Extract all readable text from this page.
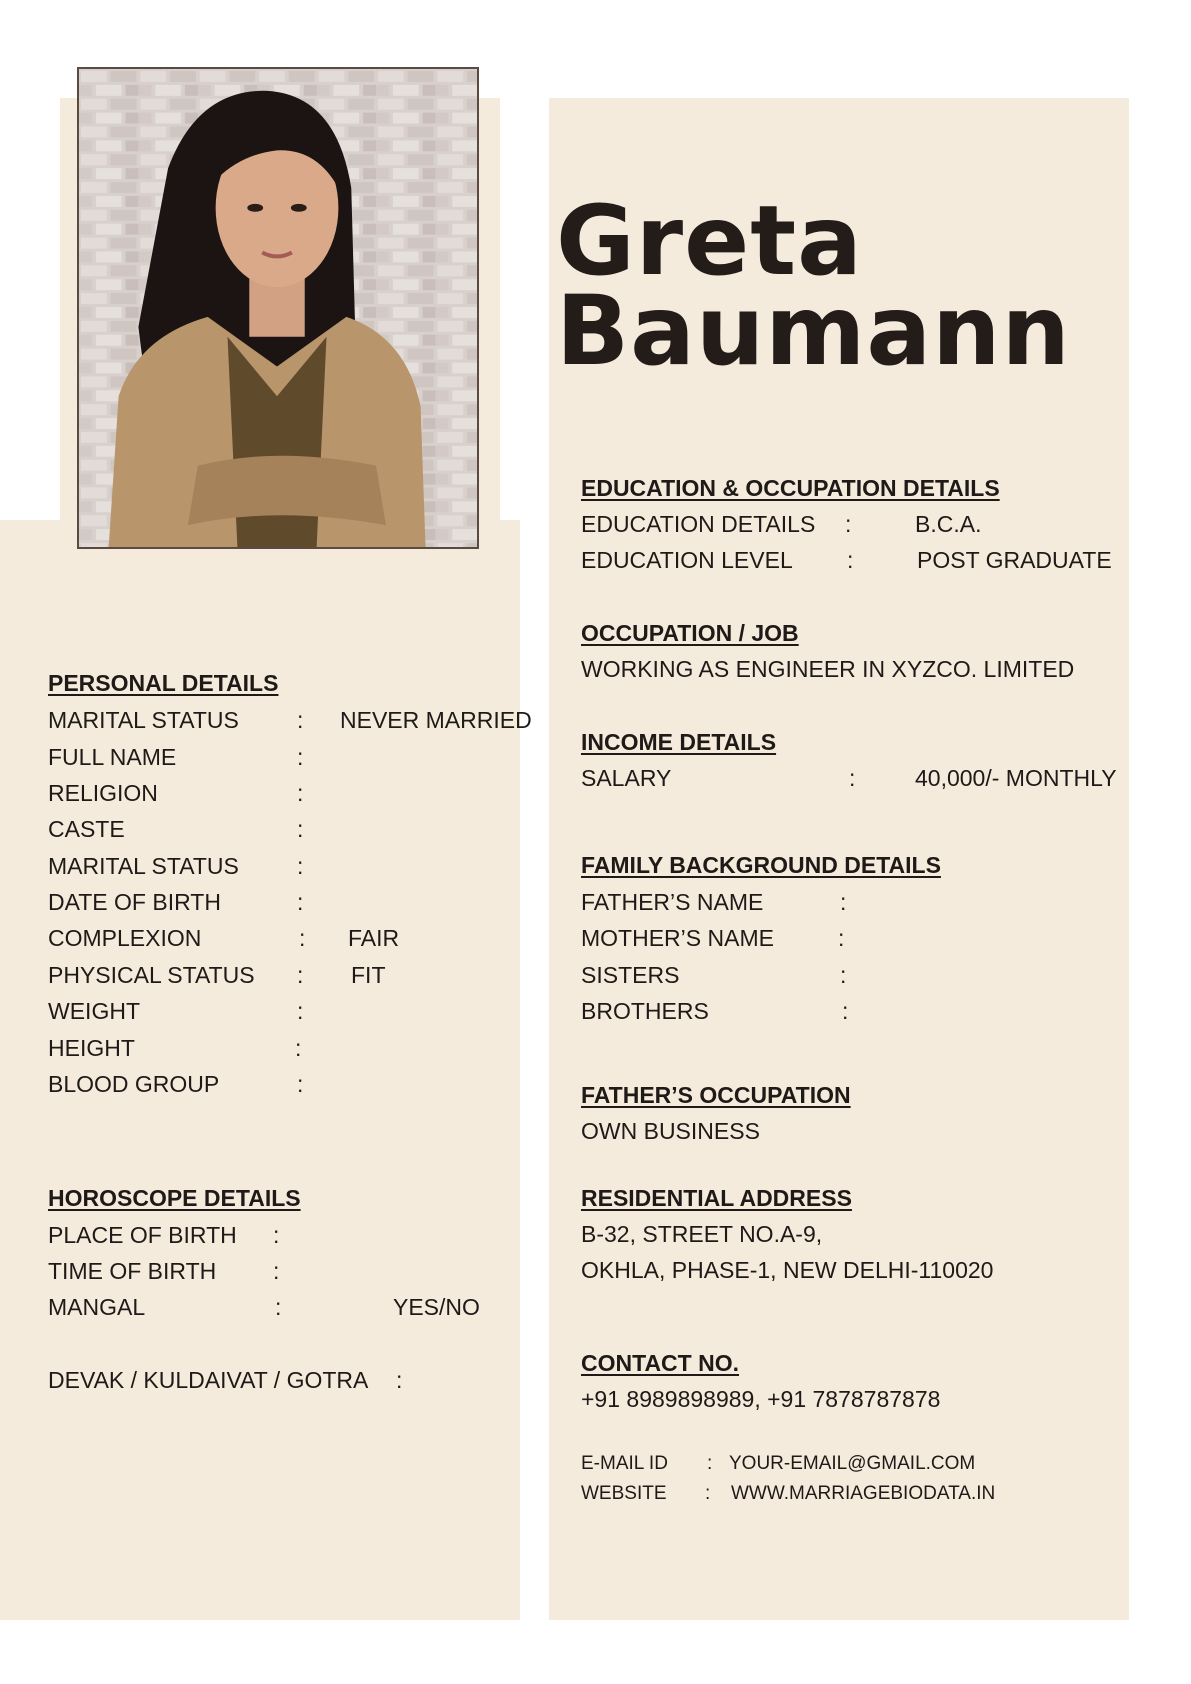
Greta
Baumann
PERSONAL DETAILS
MARITAL STATUS	: NEVER MARRIED
FULL NAME	:
RELIGION	:
CASTE	:
MARITAL STATUS	:
DATE OF BIRTH	:
COMPLEXION	: FAIR
PHYSICAL STATUS : FIT
WEIGHT	:
HEIGHT	:
BLOOD GROUP	:
HOROSCOPE DETAILS
PLACE OF BIRTH :
TIME OF BIRTH :
MANGAL	:	YES/NO
DEVAK / KULDAIVAT / GOTRA :
EDUCATION & OCCUPATION DETAILS
EDUCATION DETAILS :	B.C.A.
EDUCATION LEVEL :	POST GRADUATE
OCCUPATION / JOB
WORKING AS ENGINEER IN XYZCO. LIMITED
INCOME DETAILS
SALARY	:	40,000/- MONTHLY
FAMILY BACKGROUND DETAILS
FATHER’S NAME	:
MOTHER’S NAME	:
SISTERS	:
BROTHERS	:
FATHER’S OCCUPATION
OWN BUSINESS
RESIDENTIAL ADDRESS
B-32, STREET NO.A-9,
OKHLA, PHASE-1, NEW DELHI-110020
CONTACT NO.
+91 8989898989, +91 7878787878
E-MAIL ID : YOUR-EMAIL@GMAIL.COM
WEBSITE : WWW.MARRIAGEBIODATA.IN
